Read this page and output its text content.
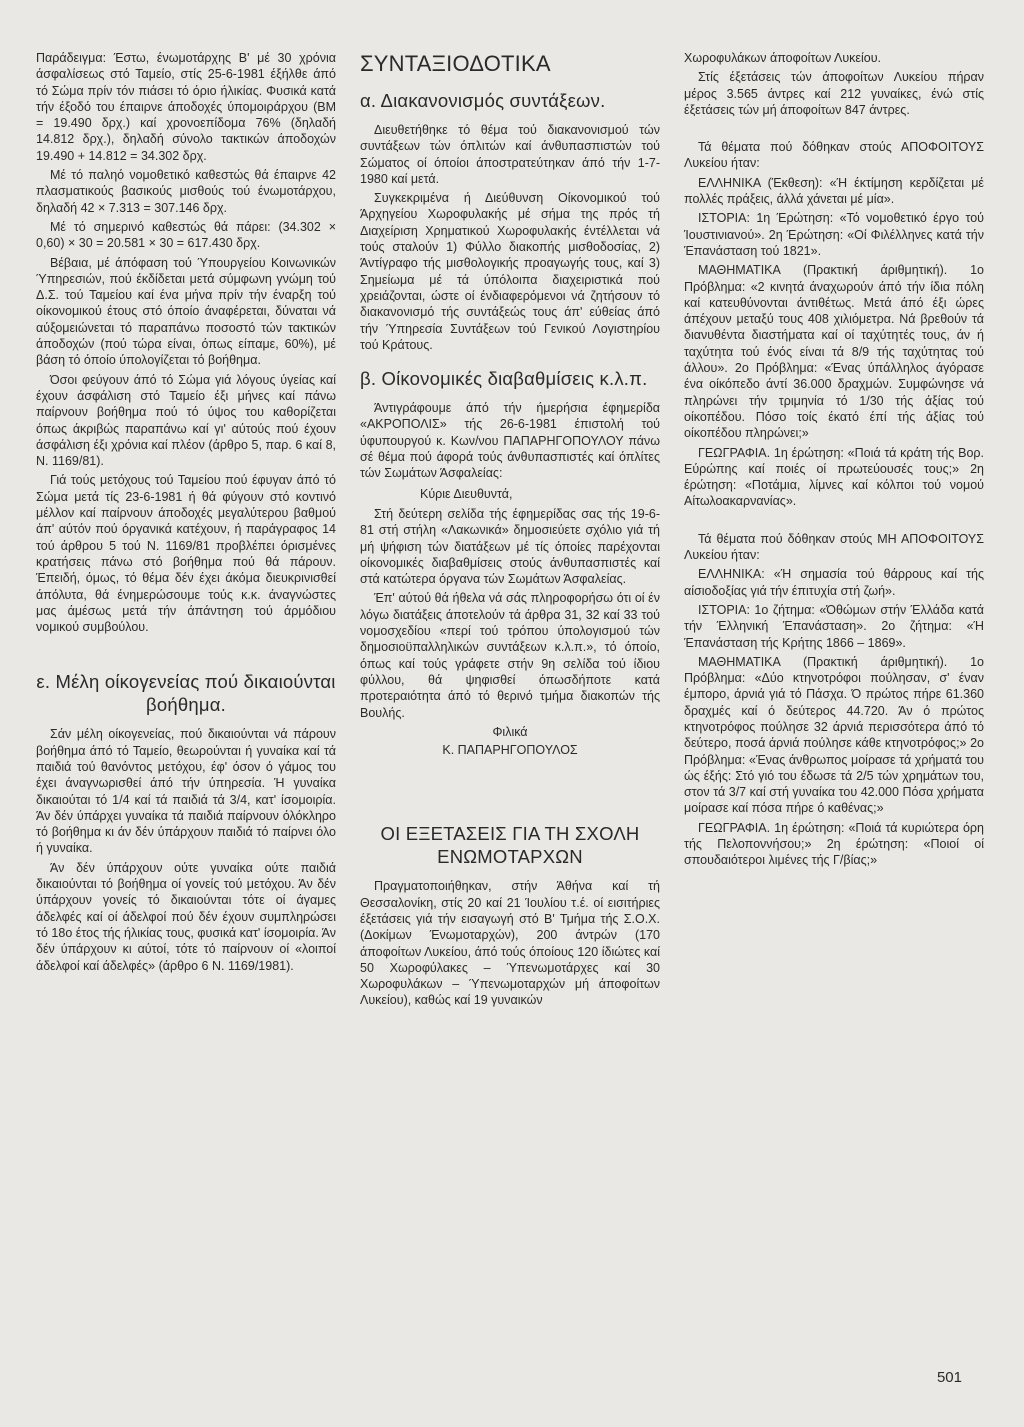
Παράδειγμα: Έστω, ένωμοτάρχης Β' μέ 30 χρόνια άσφαλίσεως στό Ταμείο, στίς 25-6-1981 έξήλθε άπό τό Σώμα πρίν τόν πιάσει τό όριο ήλικίας. Φυσικά κατά τήν έξοδό του έπαιρνε άποδοχές ύπομοιράρχου (ΒΜ = 19.490 δρχ.) καί χρονοεπίδομα 76% (δηλαδή 14.812 δρχ.), δηλαδή σύνολο τακτικών άποδοχών 19.490 + 14.812 = 34.302 δρχ.

Μέ τό παληό νομοθετικό καθεστώς θά έπαιρνε 42 πλασματικούς βασικούς μισθούς τού ένωμοτάρχου, δηλαδή 42 × 7.313 = 307.146 δρχ.

Μέ τό σημερινό καθεστώς θά πάρει: (34.302 × 0,60) × 30 = 20.581 × 30 = 617.430 δρχ.

Βέβαια, μέ άπόφαση τού Ύπουργείου Κοινωνικών Ύπηρεσιών, πού έκδίδεται μετά σύμφωνη γνώμη τού Δ.Σ. τού Ταμείου καί ένα μήνα πρίν τήν έναρξη τού οίκονομικού έτους στό όποίο άναφέρεται, δύναται νά αύξομειώνεται τό παραπάνω ποσοστό τών τακτικών άποδοχών (πού τώρα είναι, όπως είπαμε, 60%), μέ βάση τό όποίο ύπολογίζεται τό βοήθημα.

Όσοι φεύγουν άπό τό Σώμα γιά λόγους ύγείας καί έχουν άσφάλιση στό Ταμείο έξι μήνες καί πάνω παίρνουν βοήθημα πού τό ύψος του καθορίζεται όπως άκριβώς παραπάνω καί γι' αύτούς πού έχουν άσφάλιση έξι χρόνια καί πλέον (άρθρο 5, παρ. 6 καί 8, Ν. 1169/81).

Γιά τούς μετόχους τού Ταμείου πού έφυγαν άπό τό Σώμα μετά τίς 23-6-1981 ή θά φύγουν στό κοντινό μέλλον καί παίρνουν άποδοχές μεγαλύτερου βαθμού άπ' αύτόν πού όργανικά κατέχουν, ή παράγραφος 14 τού άρθρου 5 τού Ν. 1169/81 προβλέπει όρισμένες κρατήσεις πάνω στό βοήθημα πού θά πάρουν. Έπειδή, όμως, τό θέμα δέν έχει άκόμα διευκρινισθεί άπόλυτα, θά ένημερώσουμε τούς κ.κ. άναγνώστες μας άμέσως μετά τήν άπάντηση τού άρμόδιου νομικού συμβούλου.

ε. Μέλη οίκογενείας πού δικαιούνται βοήθημα.

Σάν μέλη οίκογενείας, πού δικαιούνται νά πάρουν βοήθημα άπό τό Ταμείο, θεωρούνται ή γυναίκα καί τά παιδιά τού θανόντος μετόχου, έφ' όσον ό γάμος του έχει άναγνωρισθεί άπό τήν ύπηρεσία. Ή γυναίκα δικαιούται τό 1/4 καί τά παιδιά τά 3/4, κατ' ίσομοιρία. Άν δέν ύπάρχει γυναίκα τά παιδιά παίρνουν όλόκληρο τό βοήθημα κι άν δέν ύπάρχουν παιδιά τό παίρνει όλο ή γυναίκα.

Άν δέν ύπάρχουν ούτε γυναίκα ούτε παιδιά δικαιούνται τό βοήθημα οί γονείς τού μετόχου. Άν δέν ύπάρχουν γονείς τό δικαιούνται τότε οί άγαμες άδελφές καί οί άδελφοί πού δέν έχουν συμπληρώσει τό 18ο έτος τής ήλικίας τους, φυσικά κατ' ίσομοιρία. Άν δέν ύπάρχουν κι αύτοί, τότε τό παίρνουν οί «λοιποί άδελφοί καί άδελφές» (άρθρο 6 Ν. 1169/1981).

ΣΥΝΤΑΞΙΟΔΟΤΙΚΑ
α. Διακανονισμός συντάξεων.

Διευθετήθηκε τό θέμα τού διακανονισμού τών συντάξεων τών όπλιτών καί άνθυπασπιστών τού Σώματος οί όποίοι άποστρατεύτηκαν άπό τήν 1-7-1980 καί μετά.

Συγκεκριμένα ή Διεύθυνση Οίκονομικού τού Άρχηγείου Χωροφυλακής μέ σήμα της πρός τή Διαχείριση Χρηματικού Χωροφυλακής έντέλλεται νά τούς σταλούν 1) Φύλλο διακοπής μισθοδοσίας, 2) Άντίγραφο τής μισθολογικής προαγωγής τους, καί 3) Σημείωμα μέ τά ύπόλοιπα διαχειριστικά πού χρειάζονται, ώστε οί ένδιαφερόμενοι νά ζητήσουν τό διακανονισμό τής συντάξεώς τους άπ' εύθείας άπό τήν Ύπηρεσία Συντάξεων τού Γενικού Λογιστηρίου τού Κράτους.

β. Οίκονομικές διαβαθμίσεις κ.λ.π.

Άντιγράφουμε άπό τήν ήμερήσια έφημερίδα «ΑΚΡΟΠΟΛΙΣ» τής 26-6-1981 έπιστολή τού ύφυπουργού κ. Κων/νου ΠΑΠΑΡΗΓΟΠΟΥΛΟΥ πάνω σέ θέμα πού άφορά τούς άνθυπασπιστές καί όπλίτες τών Σωμάτων Άσφαλείας:

Κύριε Διευθυντά,

Στή δεύτερη σελίδα τής έφημερίδας σας τής 19-6-81 στή στήλη «Λακωνικά» δημοσιεύετε σχόλιο γιά τή μή ψήφιση τών διατάξεων μέ τίς όποίες παρέχονται οίκονομικές διαβαθμίσεις στούς άνθυπασπιστές καί στά κατώτερα όργανα τών Σωμάτων Άσφαλείας.

Έπ' αύτού θά ήθελα νά σάς πληροφορήσω ότι οί έν λόγω διατάξεις άποτελούν τά άρθρα 31, 32 καί 33 τού νομοσχεδίου «περί τού τρόπου ύπολογισμού τών δημοσιοϋπαλληλικών συντάξεων κ.λ.π.», τό όποίο, όπως καί τούς γράφετε στήν 9η σελίδα τού ίδιου φύλλου, θά ψηφισθεί όπωσδήποτε κατά προτεραιότητα άπό τό θερινό τμήμα διακοπών τής Βουλής.

Φιλικά
Κ. ΠΑΠΑΡΗΓΟΠΟΥΛΟΣ
ΟΙ ΕΞΕΤΑΣΕΙΣ ΓΙΑ ΤΗ ΣΧΟΛΗ ΕΝΩΜΟΤΑΡΧΩΝ

Πραγματοποιήθηκαν, στήν Άθήνα καί τή Θεσσαλονίκη, στίς 20 καί 21 Ίουλίου τ.έ. οί εισιτήριες έξετάσεις γιά τήν εισαγωγή στό Β' Τμήμα τής Σ.Ο.Χ. (Δοκίμων Ένωμοταρχών), 200 άντρών (170 άποφοίτων Λυκείου, άπό τούς όποίους 120 ίδιώτες καί 50 Χωροφύλακες – Ύπενωμοτάρχες καί 30 Χωροφυλάκων – Ύπενωμοταρχών μή άποφοίτων Λυκείου), καθώς καί 19 γυναικών

Χωροφυλάκων άποφοίτων Λυκείου.

Στίς έξετάσεις τών άποφοίτων Λυκείου πήραν μέρος 3.565 άντρες καί 212 γυναίκες, ένώ στίς έξετάσεις τών μή άποφοίτων 847 άντρες.

Τά θέματα πού δόθηκαν στούς ΑΠΟΦΟΙΤΟΥΣ Λυκείου ήταν:

ΕΛΛΗΝΙΚΑ (Έκθεση): «Ή έκτίμηση κερδίζεται μέ πολλές πράξεις, άλλά χάνεται μέ μία».

ΙΣΤΟΡΙΑ: 1η Έρώτηση: «Τό νομοθετικό έργο τού Ίουστινιανού». 2η Έρώτηση: «Οί Φιλέλληνες κατά τήν Έπανάσταση τού 1821».

ΜΑΘΗΜΑΤΙΚΑ (Πρακτική άριθμητική). 1ο Πρόβλημα: «2 κινητά άναχωρούν άπό τήν ίδια πόλη καί κατευθύνονται άντιθέτως. Μετά άπό έξι ώρες άπέχουν μεταξύ τους 408 χιλιόμετρα. Νά βρεθούν τά διανυθέντα διαστήματα καί οί ταχύτητές τους, άν ή ταχύτητα τού ένός είναι τά 8/9 τής ταχύτητας τού άλλου». 2ο Πρόβλημα: «Ένας ύπάλληλος άγόρασε ένα οίκόπεδο άντί 36.000 δραχμών. Συμφώνησε νά πληρώνει τήν τριμηνία τό 1/30 τής άξίας τού οίκοπέδου. Πόσο τοίς έκατό έπί τής άξίας τού οίκοπέδου πληρώνει;»

ΓΕΩΓΡΑΦΙΑ. 1η έρώτηση: «Ποιά τά κράτη τής Βορ. Εύρώπης καί ποιές οί πρωτεύουσές τους;» 2η έρώτηση: «Ποτάμια, λίμνες καί κόλποι τού νομού Αίτωλοακαρνανίας».

Τά θέματα πού δόθηκαν στούς ΜΗ ΑΠΟΦΟΙΤΟΥΣ Λυκείου ήταν:

ΕΛΛΗΝΙΚΑ: «Ή σημασία τού θάρρους καί τής αίσιοδοξίας γιά τήν έπιτυχία στή ζωή».

ΙΣΤΟΡΙΑ: 1ο ζήτημα: «Όθώμων στήν Έλλάδα κατά τήν Έλληνική Έπανάσταση». 2ο ζήτημα: «Ή Έπανάσταση τής Κρήτης 1866 – 1869».

ΜΑΘΗΜΑΤΙΚΑ (Πρακτική άριθμητική). 1ο Πρόβλημα: «Δύο κτηνοτρόφοι πούλησαν, σ' έναν έμπορο, άρνιά γιά τό Πάσχα. Ό πρώτος πήρε 61.360 δραχμές καί ό δεύτερος 44.720. Άν ό πρώτος κτηνοτρόφος πούλησε 32 άρνιά περισσότερα άπό τό δεύτερο, ποσά άρνιά πούλησε κάθε κτηνοτρόφος;» 2ο Πρόβλημα: «Ένας άνθρωπος μοίρασε τά χρήματά του ώς έξής: Στό γιό του έδωσε τά 2/5 τών χρημάτων του, στον τά 3/7 καί στή γυναίκα του 42.000 Πόσα χρήματα μοίρασε καί πόσα πήρε ό καθένας;»

ΓΕΩΓΡΑΦΙΑ. 1η έρώτηση: «Ποιά τά κυριώτερα όρη τής Πελοποννήσου;» 2η έρώτηση: «Ποιοί οί σπουδαιότεροι λιμένες τής Γ/βίας;»

501
